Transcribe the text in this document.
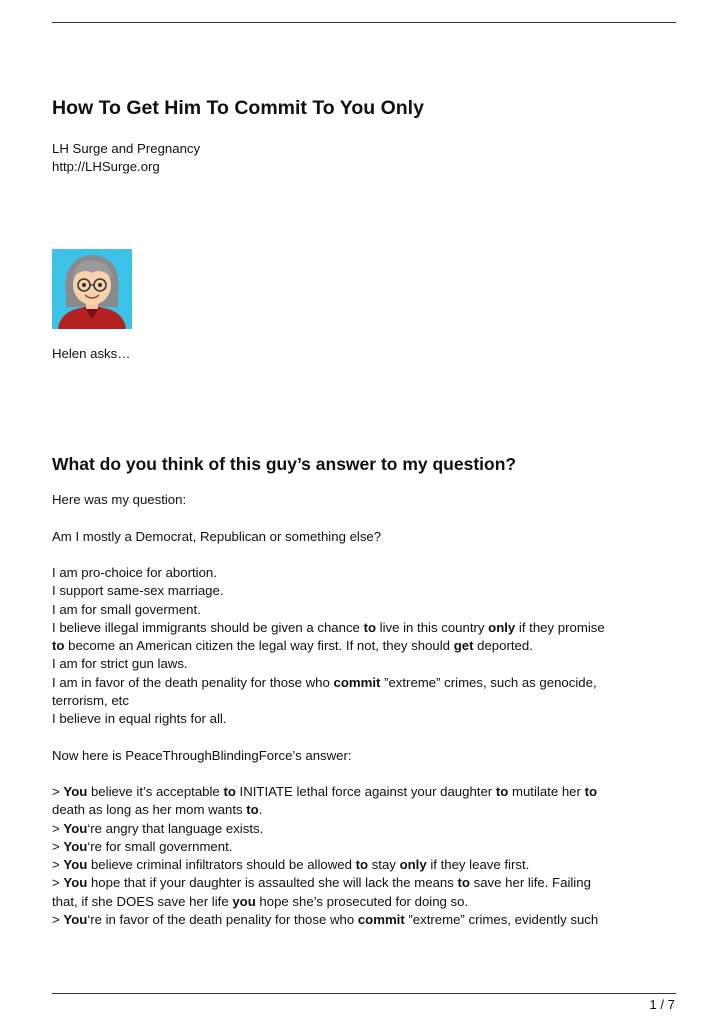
How To Get Him To Commit To You Only
LH Surge and Pregnancy
http://LHSurge.org
Helen asks…
What do you think of this guy’s answer to my question?

Here was my question:

Am I mostly a Democrat, Republican or something else?

I am pro-choice for abortion.
I support same-sex marriage.
I am for small goverment.
I believe illegal immigrants should be given a chance to live in this country only if they promise
to become an American citizen the legal way first. If not, they should get deported.
I am for strict gun laws.
I am in favor of the death penality for those who commit ”extreme” crimes, such as genocide,
terrorism, etc
I believe in equal rights for all.

Now here is PeaceThroughBlindingForce’s answer:

> You believe it’s acceptable to INITIATE lethal force against your daughter to mutilate her to
death as long as her mom wants to.
> You‘re angry that language exists.
> You‘re for small government.
> You believe criminal infiltrators should be allowed to stay only if they leave first.
> You hope that if your daughter is assaulted she will lack the means to save her life. Failing
that, if she DOES save her life you hope she’s prosecuted for doing so.
> You‘re in favor of the death penality for those who commit ”extreme” crimes, evidently such

1 / 7
